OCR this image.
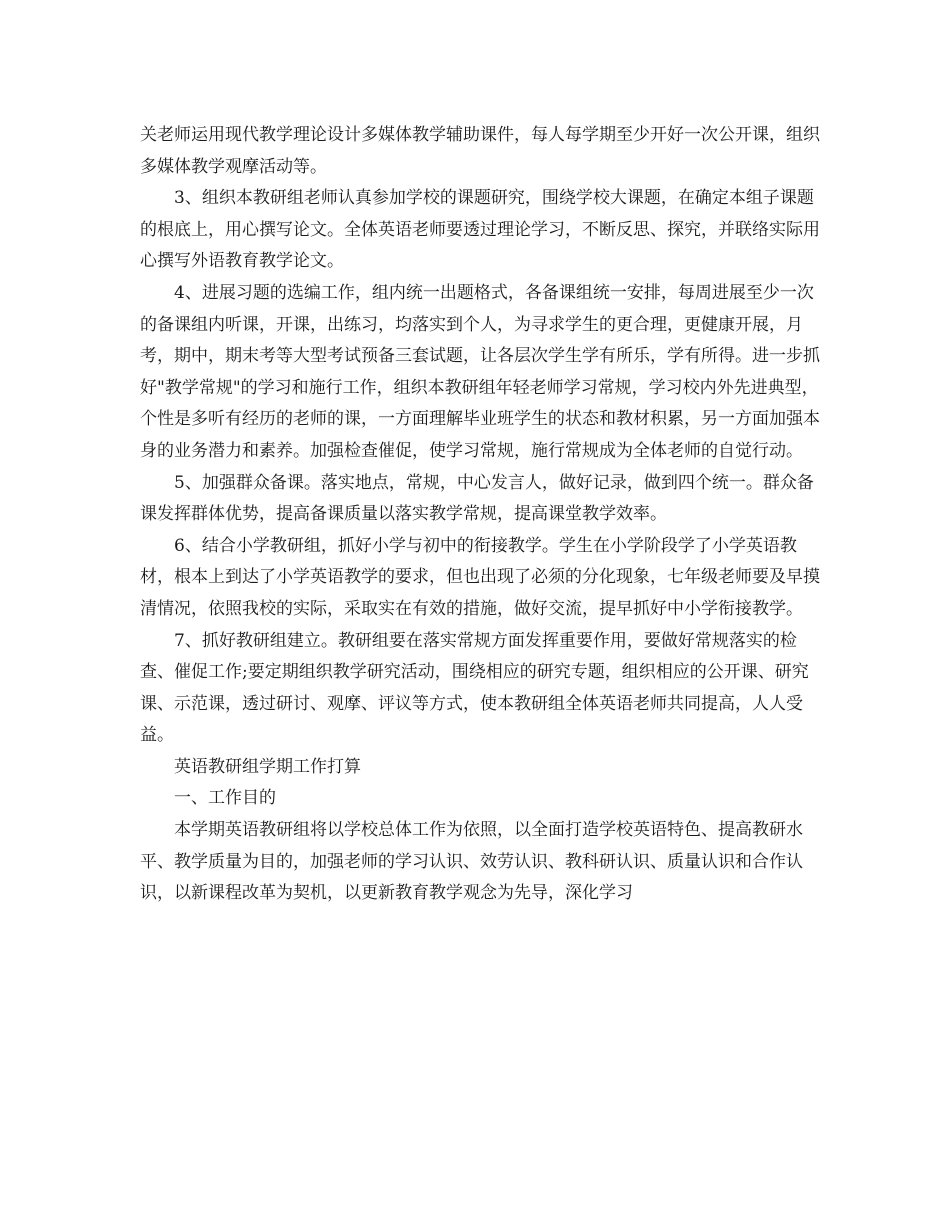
关老师运用现代教学理论设计多媒体教学辅助课件，每人每学期至少开好一次公开课，组织多媒体教学观摩活动等。

3、组织本教研组老师认真参加学校的课题研究，围绕学校大课题，在确定本组子课题的根底上，用心撰写论文。全体英语老师要透过理论学习，不断反思、探究，并联络实际用心撰写外语教育教学论文。

4、进展习题的选编工作，组内统一出题格式，各备课组统一安排，每周进展至少一次的备课组内听课，开课，出练习，均落实到个人，为寻求学生的更合理，更健康开展，月考，期中，期末考等大型考试预备三套试题，让各层次学生学有所乐，学有所得。进一步抓好"教学常规"的学习和施行工作，组织本教研组年轻老师学习常规，学习校内外先进典型，个性是多听有经历的老师的课，一方面理解毕业班学生的状态和教材积累，另一方面加强本身的业务潜力和素养。加强检查催促，使学习常规，施行常规成为全体老师的自觉行动。

5、加强群众备课。落实地点，常规，中心发言人，做好记录，做到四个统一。群众备课发挥群体优势，提高备课质量以落实教学常规，提高课堂教学效率。

6、结合小学教研组，抓好小学与初中的衔接教学。学生在小学阶段学了小学英语教材，根本上到达了小学英语教学的要求，但也出现了必须的分化现象，七年级老师要及早摸清情况，依照我校的实际，采取实在有效的措施，做好交流，提早抓好中小学衔接教学。

7、抓好教研组建立。教研组要在落实常规方面发挥重要作用，要做好常规落实的检查、催促工作;要定期组织教学研究活动，围绕相应的研究专题，组织相应的公开课、研究课、示范课，透过研讨、观摩、评议等方式，使本教研组全体英语老师共同提高，人人受益。

英语教研组学期工作打算

一、工作目的

本学期英语教研组将以学校总体工作为依照，以全面打造学校英语特色、提高教研水平、教学质量为目的，加强老师的学习认识、效劳认识、教科研认识、质量认识和合作认识，以新课程改革为契机，以更新教育教学观念为先导，深化学习
